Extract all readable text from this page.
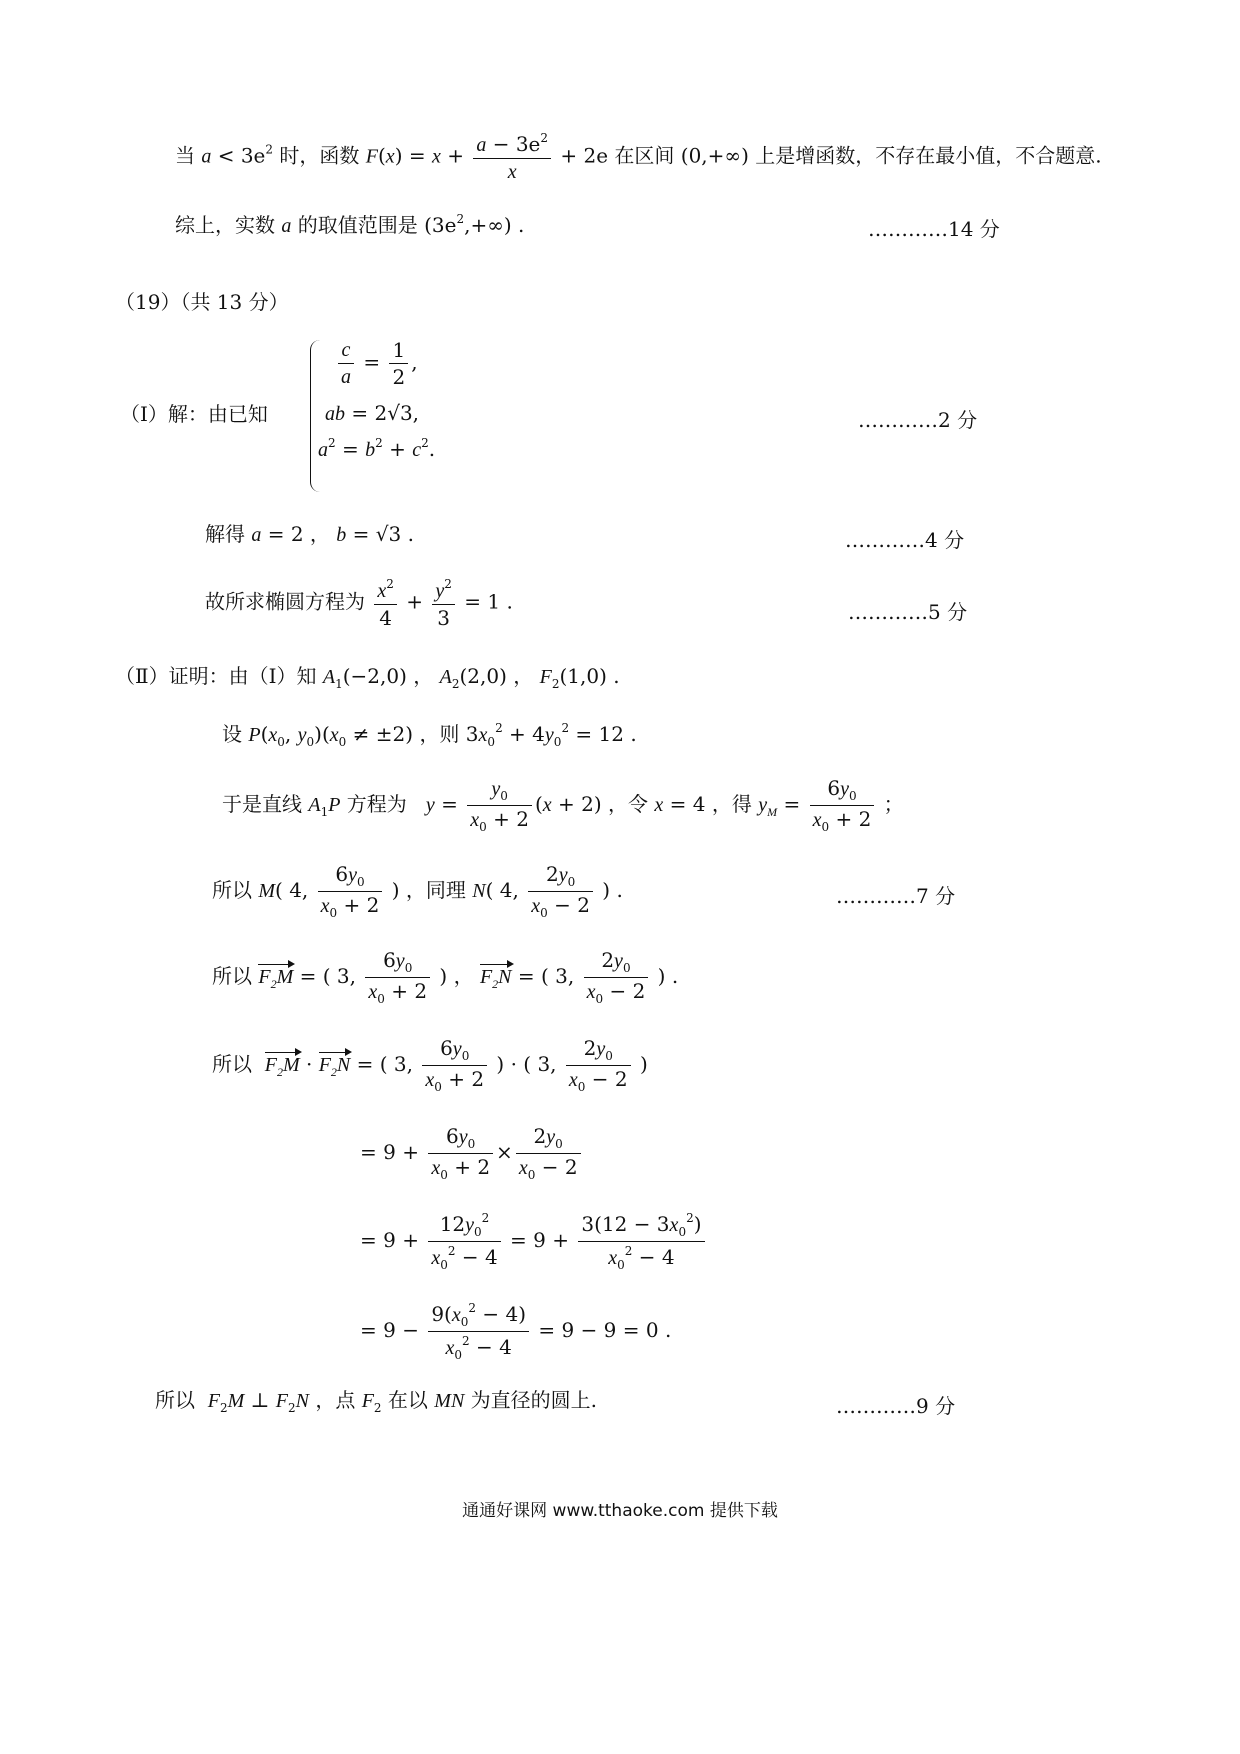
当 $a < 3e^2$ 时，函数 $F(x) = x + \frac{a - 3e^2}{x} + 2e$ 在区间 (0,+∞) 上是增函数，不存在最小值，不合题意.
综上，实数 a 的取值范围是 $(3e^2,+\infty)$ .	…………14 分
（19）（共 13 分）
（Ⅰ）解：由已知
$\frac{c}{a} = \frac{1}{2}$ ,
ab = 2√3,
$a^2 = b^2 + c^2$.
…………2 分
解得 a = 2 ， b = √3 .	…………4 分
故所求椭圆方程为 $\frac{x^2}{4} + \frac{y^2}{3} = 1$ .	…………5 分
（Ⅱ）证明：由（Ⅰ）知 $A_1(-2,0)$ ， $A_2(2,0)$ ， $F_2(1,0)$ .
设 $P(x_0$, $y_0)(x_0 \ne \pm 2)$ ，则 $3x_0^2 + 4y_0^2 = 12$ .
于是直线 $A_1P$ 方程为 $y = \frac{y_0}{x_0 + 2} (x + 2)$ ，令 x = 4 ，得 $y_M = \frac{6y_0}{x_0 + 2}$ ；
所以 M( 4, $\frac{6y_0}{x_0 + 2}$ ) ，同理 N( 4, $\frac{2y_0}{x_0 - 2}$ ) .	…………7 分
所以 $F_2M$ = ( 3, $\frac{6y_0}{x_0 + 2}$ ) ， $F_2N$ = ( 3, $\frac{2y_0}{x_0 - 2}$ ) .
所以 $F_2M \cdot F_2N$ = ( 3, $\frac{6y_0}{x_0 + 2}$ ) · ( 3, $\frac{2y_0}{x_0 - 2}$ )
= $9 + \frac{6y_0}{x_0 + 2} \times \frac{2y_0}{x_0 - 2}$
= $9 + \frac{12y_0^2}{x_0^2 - 4} = 9 + \frac{3(12 - 3x_0^2)}{x_0^2 - 4}$
= $9 - \frac{9(x_0^2 - 4)}{x_0^2 - 4} = 9 - 9 = 0$ .
所以 $F_2M$ ⊥ $F_2N$ ，点 $F_2$ 在以 MN 为直径的圆上.	…………9 分
通通好课网 www.tthaoke.com 提供下载
